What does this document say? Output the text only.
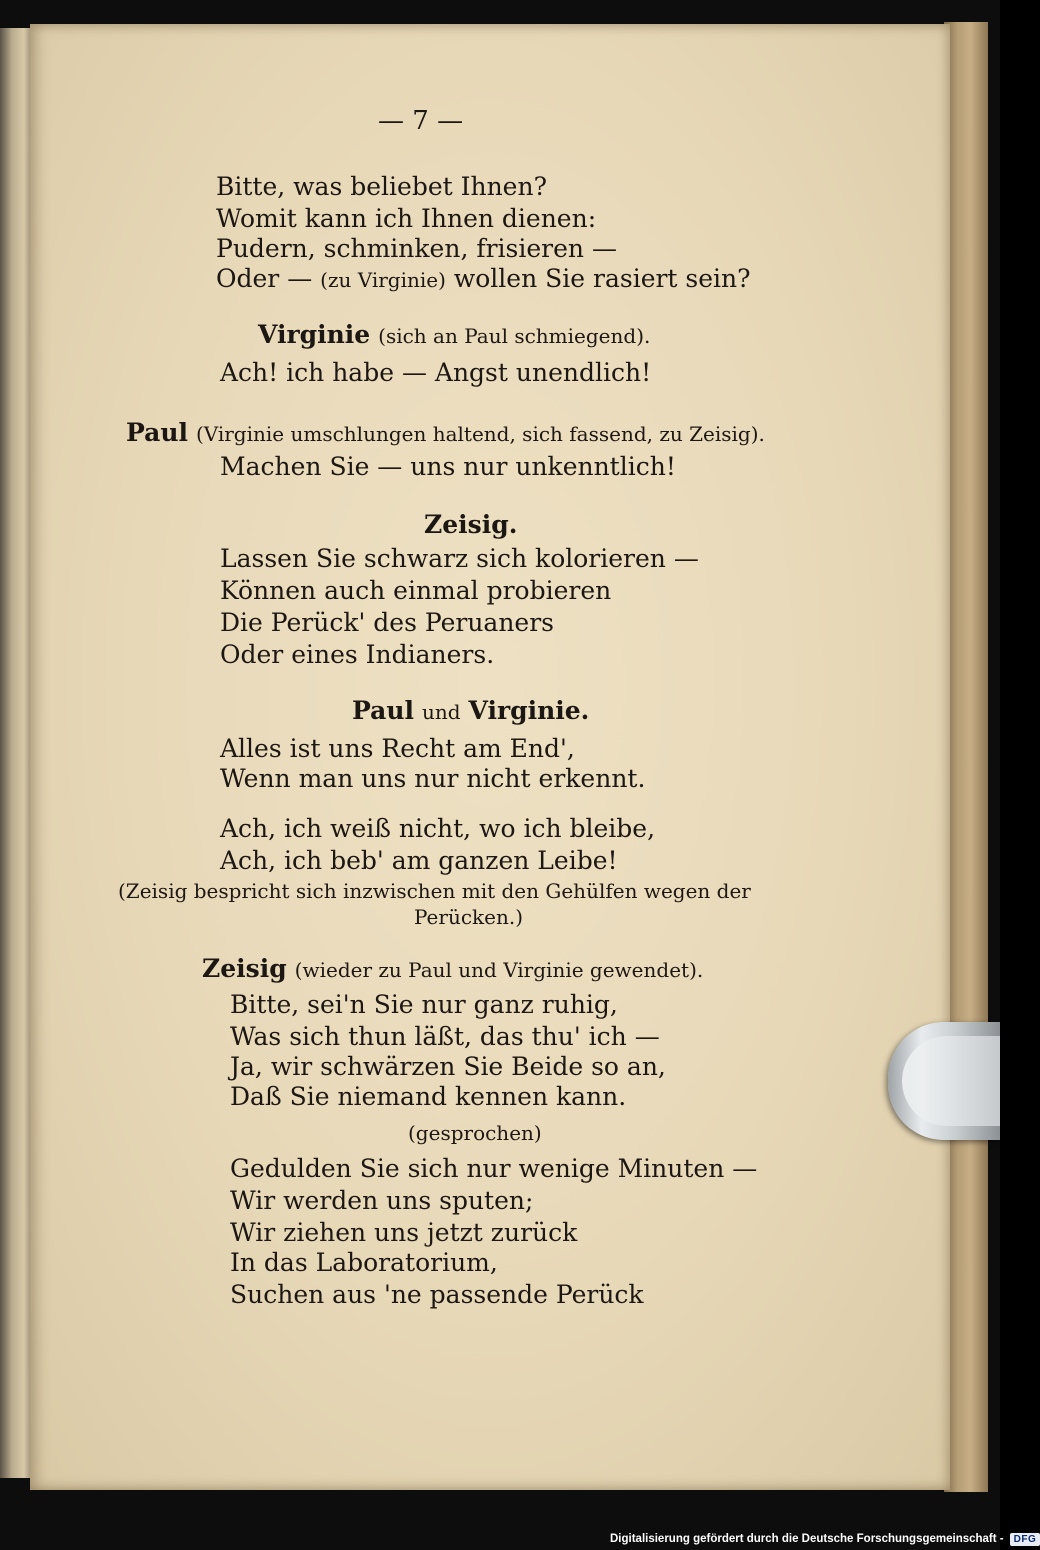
— 7 —
Bitte, was beliebet Ihnen?
Womit kann ich Ihnen dienen:
Pudern, schminken, frisieren —
Oder — (zu Virginie) wollen Sie rasiert sein?
Virginie (sich an Paul schmiegend).
Ach! ich habe — Angst unendlich!
Paul (Virginie umschlungen haltend, sich fassend, zu Zeisig).
Machen Sie — uns nur unkenntlich!
Zeisig.
Lassen Sie schwarz sich kolorieren —
Können auch einmal probieren
Die Perück' des Peruaners
Oder eines Indianers.
Paul und Virginie.
Alles ist uns Recht am End',
Wenn man uns nur nicht erkennt.
Ach, ich weiß nicht, wo ich bleibe,
Ach, ich beb' am ganzen Leibe!
(Zeisig bespricht sich inzwischen mit den Gehülfen wegen der
Perücken.)
Zeisig (wieder zu Paul und Virginie gewendet).
Bitte, sei'n Sie nur ganz ruhig,
Was sich thun läßt, das thu' ich —
Ja, wir schwärzen Sie Beide so an,
Daß Sie niemand kennen kann.
(gesprochen)
Gedulden Sie sich nur wenige Minuten —
Wir werden uns sputen;
Wir ziehen uns jetzt zurück
In das Laboratorium,
Suchen aus 'ne passende Perück
Digitalisierung gefördert durch die Deutsche Forschungsgemeinschaft -	DFG
